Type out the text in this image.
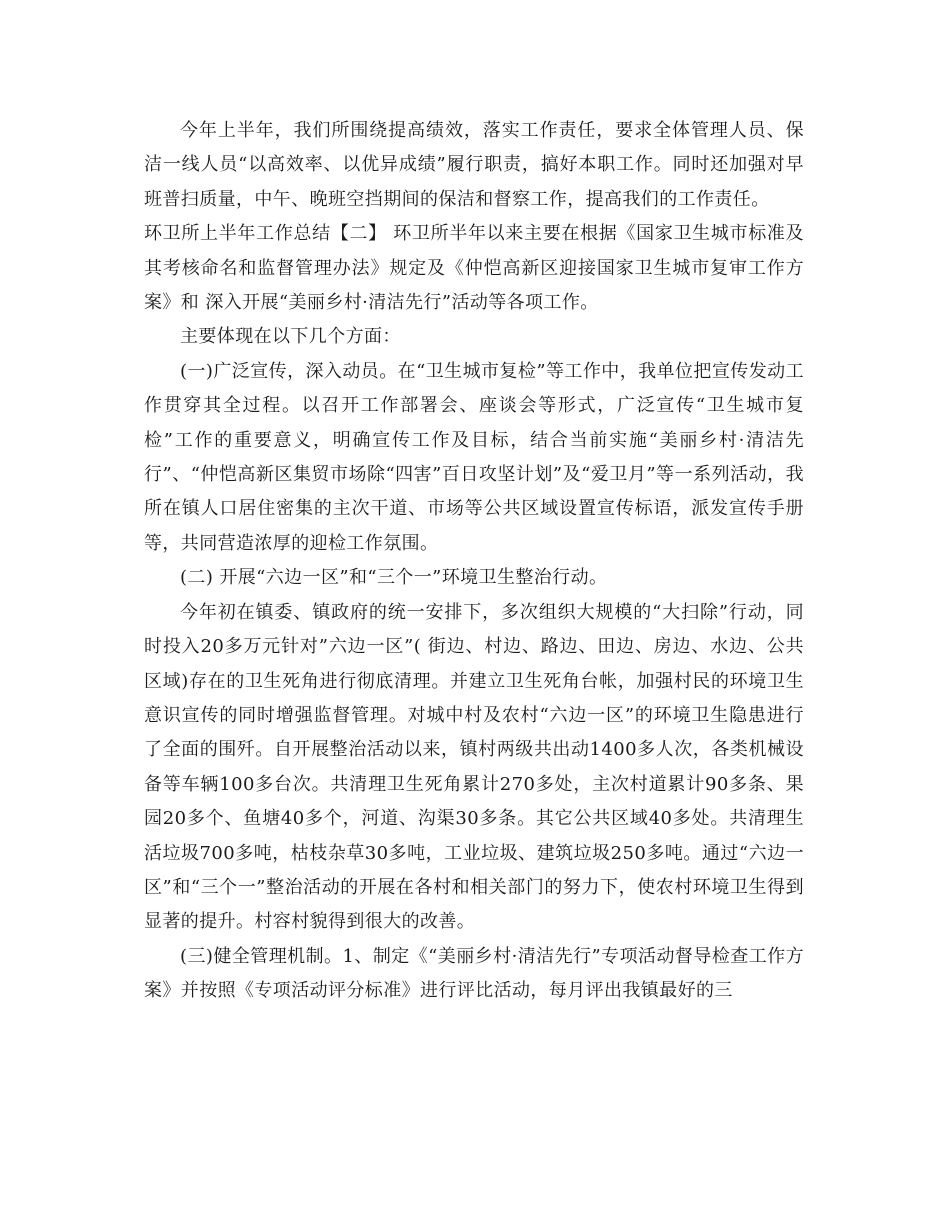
今年上半年，我们所围绕提高绩效，落实工作责任，要求全体管理人员、保洁一线人员“以高效率、以优异成绩”履行职责，搞好本职工作。同时还加强对早班普扫质量，中午、晚班空挡期间的保洁和督察工作，提高我们的工作责任。

环卫所上半年工作总结【二】 环卫所半年以来主要在根据《国家卫生城市标准及其考核命名和监督管理办法》规定及《仲恺高新区迎接国家卫生城市复审工作方案》和 深入开展“美丽乡村·清洁先行”活动等各项工作。

主要体现在以下几个方面：

(一)广泛宣传，深入动员。在“卫生城市复检”等工作中，我单位把宣传发动工作贯穿其全过程。以召开工作部署会、座谈会等形式，广泛宣传“卫生城市复检”工作的重要意义，明确宣传工作及目标，结合当前实施“美丽乡村·清洁先行”、“仲恺高新区集贸市场除“四害”百日攻坚计划”及“爱卫月”等一系列活动，我所在镇人口居住密集的主次干道、市场等公共区域设置宣传标语，派发宣传手册等，共同营造浓厚的迎检工作氛围。

(二) 开展“六边一区”和“三个一”环境卫生整治行动。

今年初在镇委、镇政府的统一安排下，多次组织大规模的“大扫除”行动，同时投入20多万元针对”六边一区”( 街边、村边、路边、田边、房边、水边、公共区域)存在的卫生死角进行彻底清理。并建立卫生死角台帐，加强村民的环境卫生意识宣传的同时增强监督管理。对城中村及农村“六边一区”的环境卫生隐患进行了全面的围歼。自开展整治活动以来，镇村两级共出动1400多人次，各类机械设备等车辆100多台次。共清理卫生死角累计270多处，主次村道累计90多条、果园20多个、鱼塘40多个，河道、沟渠30多条。其它公共区域40多处。共清理生活垃圾700多吨，枯枝杂草30多吨，工业垃圾、建筑垃圾250多吨。通过“六边一区”和“三个一”整治活动的开展在各村和相关部门的努力下，使农村环境卫生得到显著的提升。村容村貌得到很大的改善。

(三)健全管理机制。1、制定《“美丽乡村·清洁先行”专项活动督导检查工作方案》并按照《专项活动评分标准》进行评比活动，每月评出我镇最好的三
